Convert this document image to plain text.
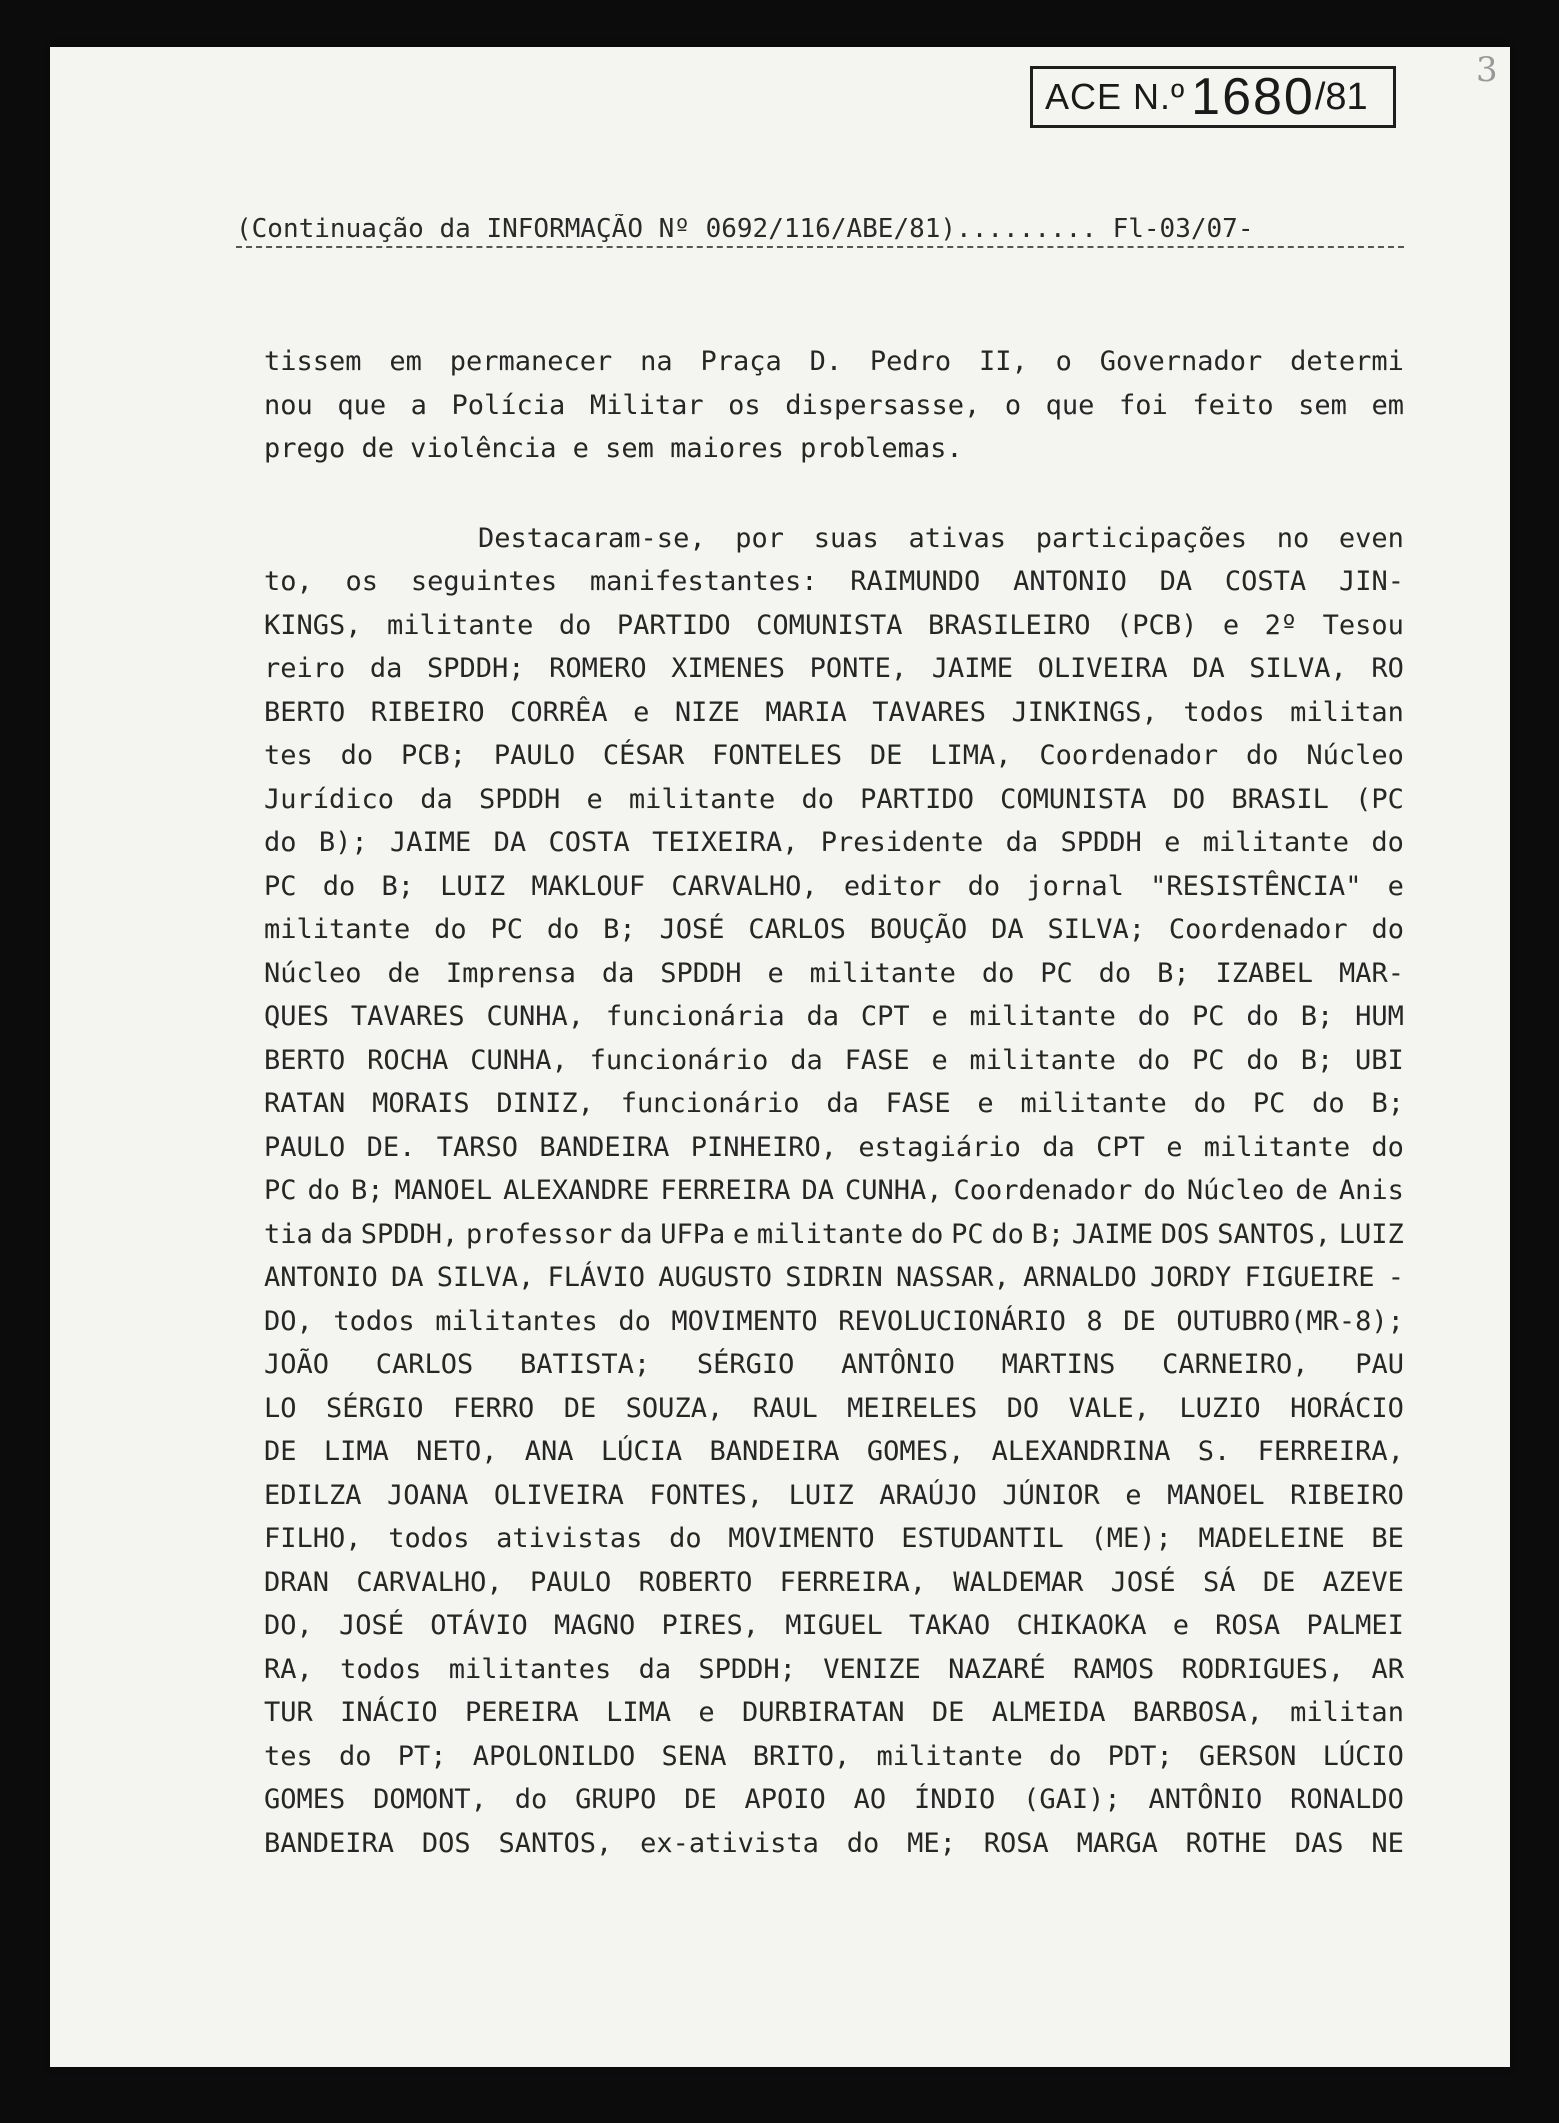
3
ACE N.º 1680 /81
(Continuação da INFORMAÇÃO Nº 0692/116/ABE/81)......... Fl-03/07-
tissem em permanecer na Praça D. Pedro II, o Governador determi
nou que a Polícia Militar os dispersasse, o que foi feito sem em
prego de violência e sem maiores problemas.
Destacaram-se, por suas ativas participações no even
to, os seguintes manifestantes: RAIMUNDO ANTONIO DA COSTA JIN-
KINGS, militante do PARTIDO COMUNISTA BRASILEIRO (PCB) e 2º Tesou
reiro da SPDDH; ROMERO XIMENES PONTE, JAIME OLIVEIRA DA SILVA, RO
BERTO RIBEIRO CORRÊA e NIZE MARIA TAVARES JINKINGS, todos militan
tes do PCB; PAULO CÉSAR FONTELES DE LIMA, Coordenador do Núcleo
Jurídico da SPDDH e militante do PARTIDO COMUNISTA DO BRASIL (PC
do B); JAIME DA COSTA TEIXEIRA, Presidente da SPDDH e militante do
PC do B; LUIZ MAKLOUF CARVALHO, editor do jornal "RESISTÊNCIA" e
militante do PC do B; JOSÉ CARLOS BOUÇÃO DA SILVA; Coordenador do
Núcleo de Imprensa da SPDDH e militante do PC do B; IZABEL MAR-
QUES TAVARES CUNHA, funcionária da CPT e militante do PC do B; HUM
BERTO ROCHA CUNHA, funcionário da FASE e militante do PC do B; UBI
RATAN MORAIS DINIZ, funcionário da FASE e militante do PC do B;
PAULO DE. TARSO BANDEIRA PINHEIRO, estagiário da CPT e militante do
PC do B; MANOEL ALEXANDRE FERREIRA DA CUNHA, Coordenador do Núcleo de Anis
tia da SPDDH, professor da UFPa e militante do PC do B; JAIME DOS SANTOS, LUIZ
ANTONIO DA SILVA, FLÁVIO AUGUSTO SIDRIN NASSAR, ARNALDO JORDY FIGUEIRE -
DO, todos militantes do MOVIMENTO REVOLUCIONÁRIO 8 DE OUTUBRO(MR-8);
JOÃO CARLOS BATISTA; SÉRGIO ANTÔNIO MARTINS CARNEIRO, PAU
LO SÉRGIO FERRO DE SOUZA, RAUL MEIRELES DO VALE, LUZIO HORÁCIO
DE LIMA NETO, ANA LÚCIA BANDEIRA GOMES, ALEXANDRINA S. FERREIRA,
EDILZA JOANA OLIVEIRA FONTES, LUIZ ARAÚJO JÚNIOR e MANOEL RIBEIRO
FILHO, todos ativistas do MOVIMENTO ESTUDANTIL (ME); MADELEINE BE
DRAN CARVALHO, PAULO ROBERTO FERREIRA, WALDEMAR JOSÉ SÁ DE AZEVE
DO, JOSÉ OTÁVIO MAGNO PIRES, MIGUEL TAKAO CHIKAOKA e ROSA PALMEI
RA, todos militantes da SPDDH; VENIZE NAZARÉ RAMOS RODRIGUES, AR
TUR INÁCIO PEREIRA LIMA e DURBIRATAN DE ALMEIDA BARBOSA, militan
tes do PT; APOLONILDO SENA BRITO, militante do PDT; GERSON LÚCIO
GOMES DOMONT, do GRUPO DE APOIO AO ÍNDIO (GAI); ANTÔNIO RONALDO
BANDEIRA DOS SANTOS, ex-ativista do ME; ROSA MARGA ROTHE DAS NE
